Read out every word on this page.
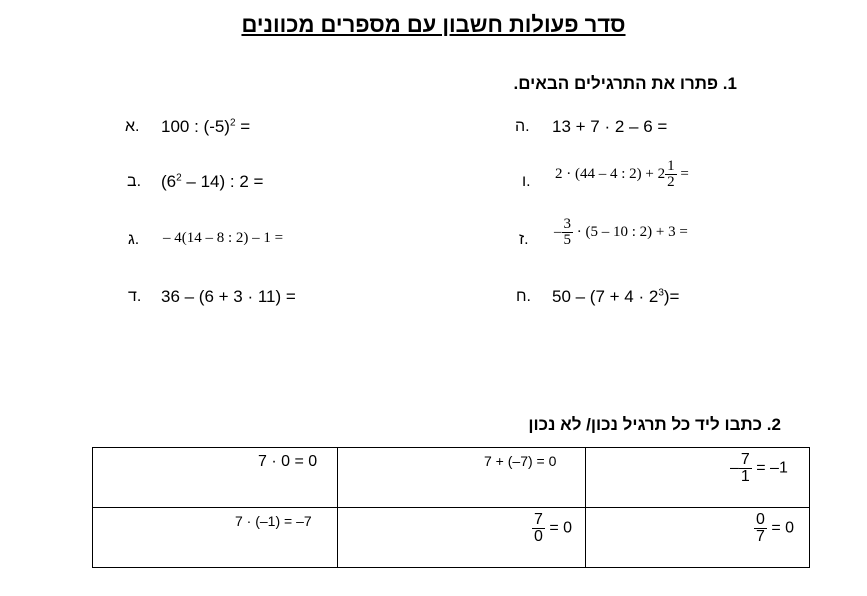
סדר פעולות חשבון עם מספרים מכוונים
1. פתרו את התרגילים הבאים.
.א 100 : $(-5)^2$ =	.ה 13 + 7 · 2 – 6 =
.ב $(6^2 - 14)$ : 2 =	.ו 2 · (44 – 4 : $2) + 2 \frac{1}{2}$ =
.ג – 4(14 – 8 : 2) – 1 =	.ז – $\frac{3}{5} \cdot (5 - 10$ : 2) + 3 =
.ד 36 – (6 + 3 · 11) =	.ח $50 - (7 + 4 \cdot 2^3)=$
2. כתבו ליד כל תרגיל נכון/ לא נכון
7 · 0 = 0	7 + (–7) = 0	– $\frac{7}{1} = -1$

7 · (–1) = –7	$\frac{7}{0} = 0$	$\frac{0}{7} = 0$
